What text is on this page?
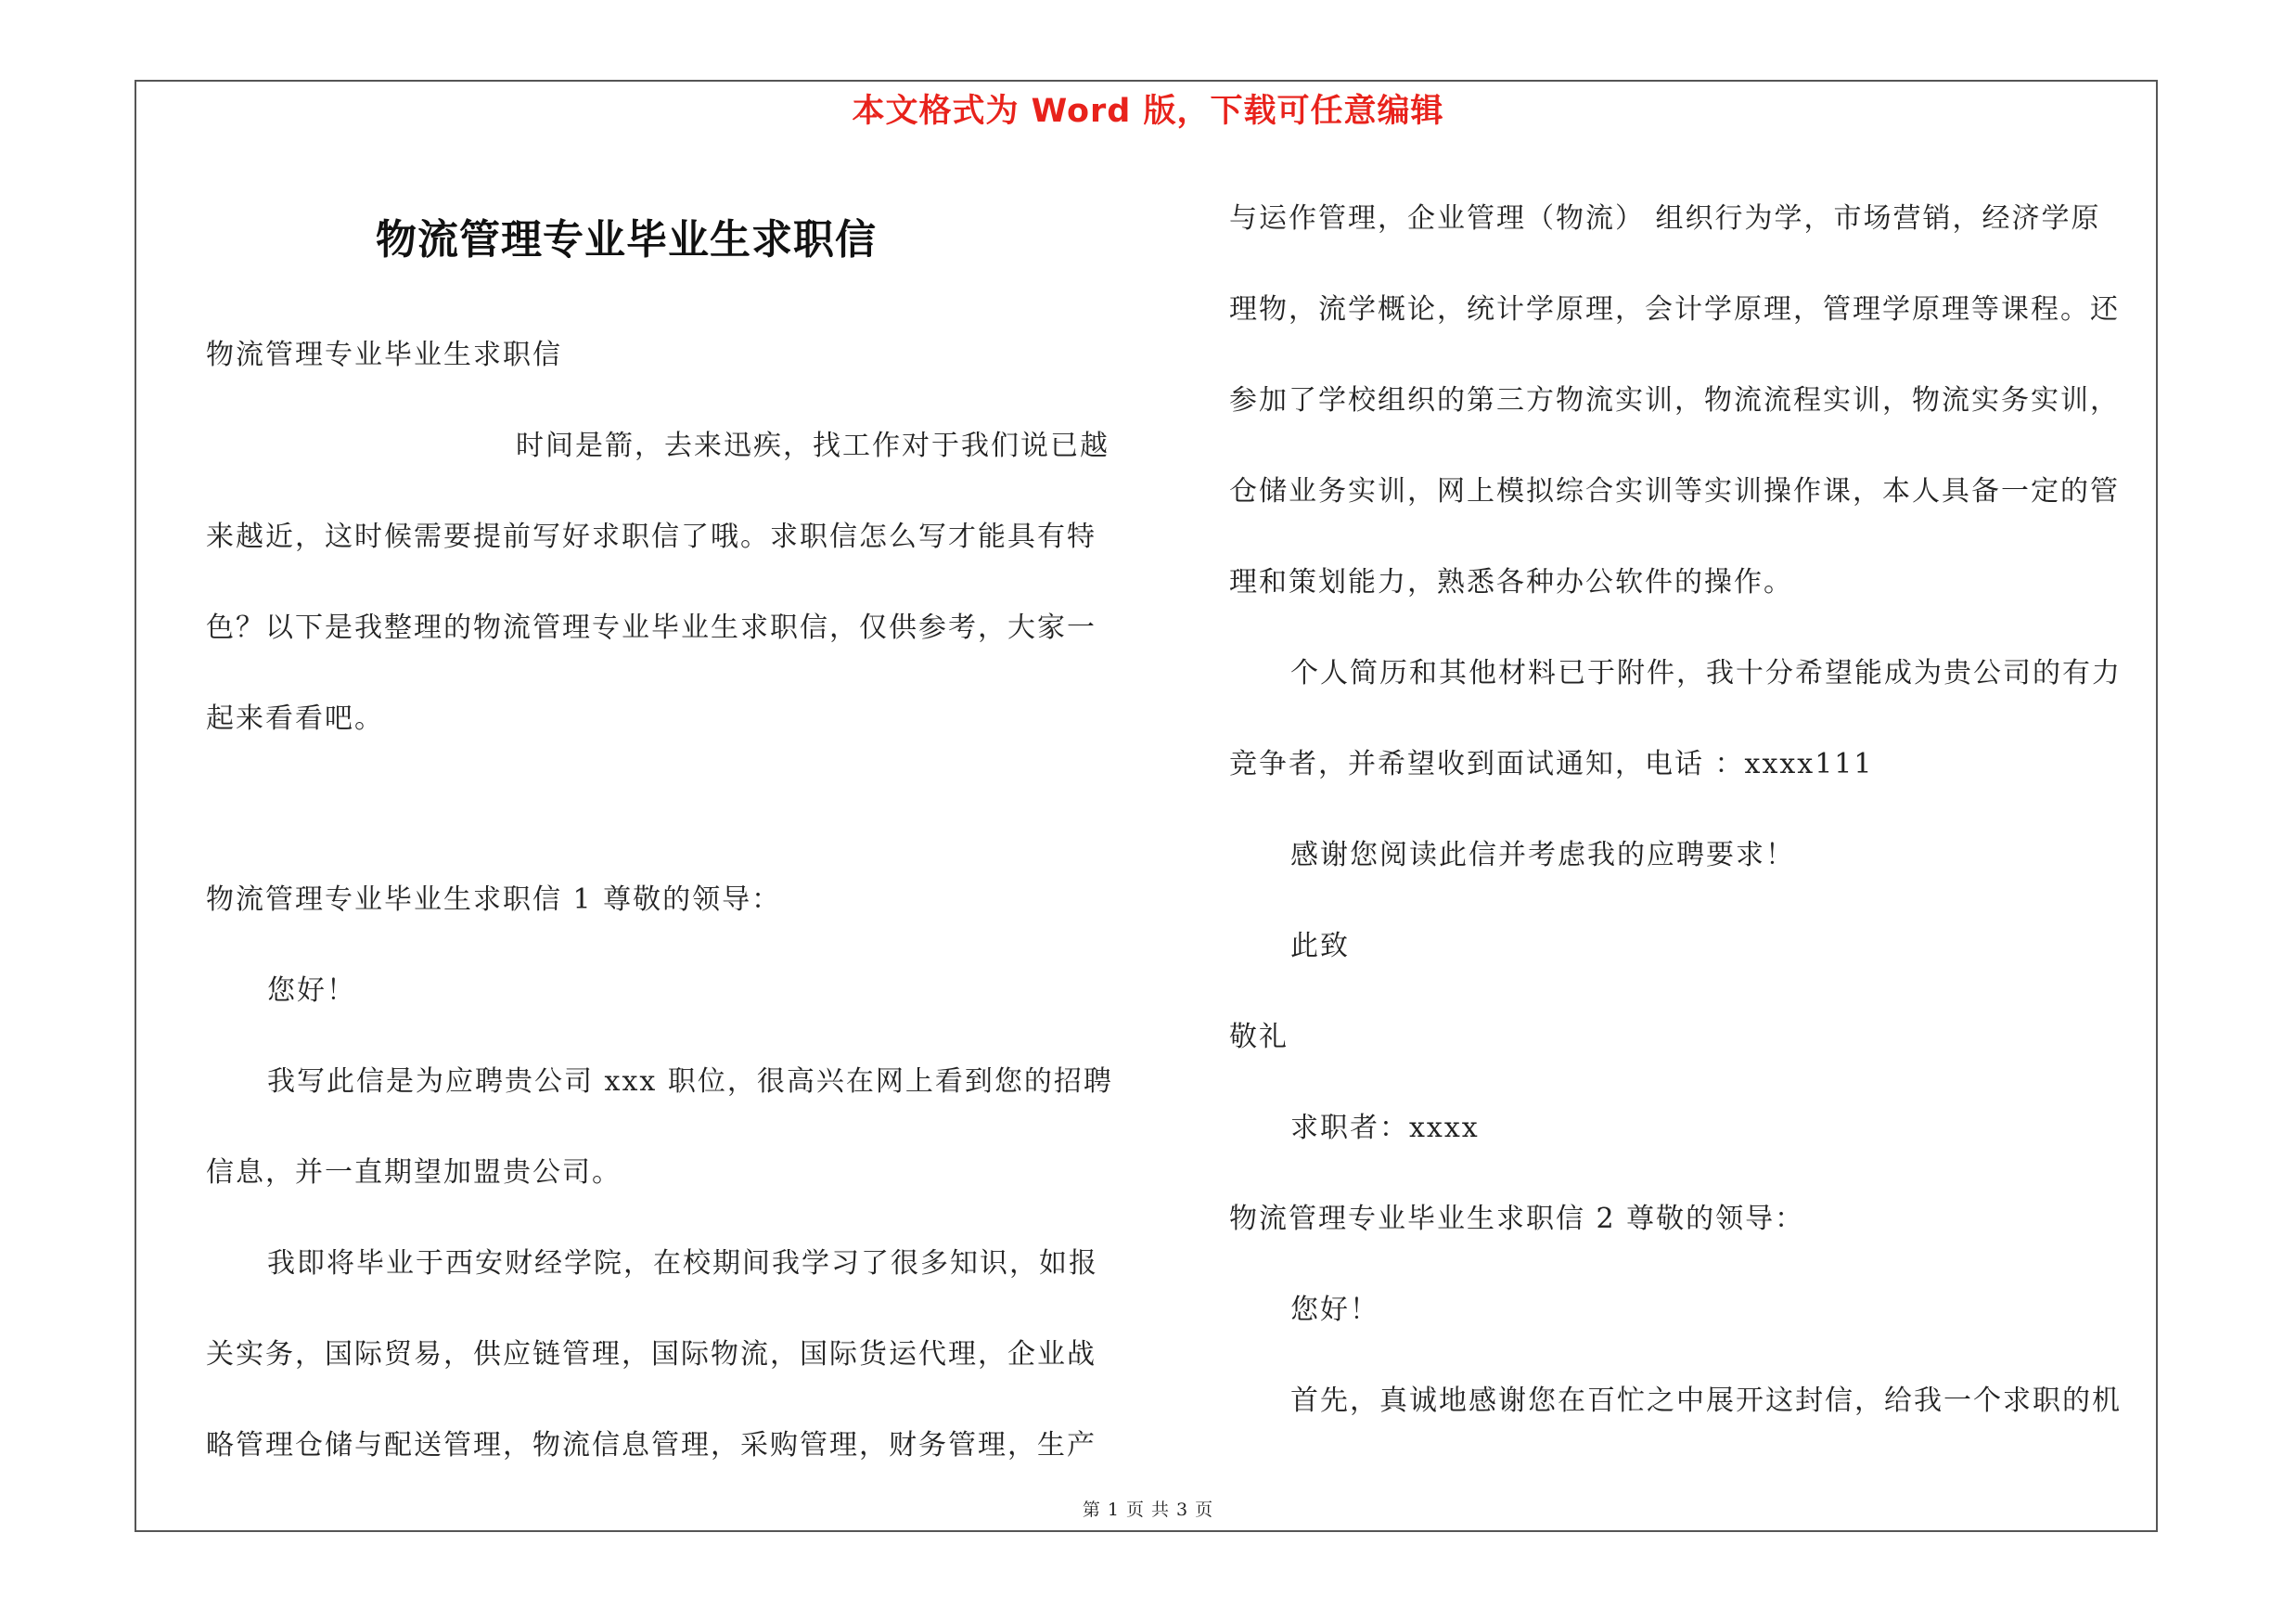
本文格式为 Word 版，下载可任意编辑
物流管理专业毕业生求职信
物流管理专业毕业生求职信
时间是箭，去来迅疾，找工作对于我们说已越
来越近，这时候需要提前写好求职信了哦。求职信怎么写才能具有特
色？以下是我整理的物流管理专业毕业生求职信，仅供参考，大家一
起来看看吧。
物流管理专业毕业生求职信 1 尊敬的领导：
您好！
我写此信是为应聘贵公司 xxx 职位，很高兴在网上看到您的招聘
信息，并一直期望加盟贵公司。
我即将毕业于西安财经学院，在校期间我学习了很多知识，如报
关实务，国际贸易，供应链管理，国际物流，国际货运代理，企业战
略管理仓储与配送管理，物流信息管理，采购管理，财务管理，生产
与运作管理，企业管理（物流） 组织行为学，市场营销，经济学原
理物，流学概论，统计学原理，会计学原理，管理学原理等课程。还
参加了学校组织的第三方物流实训，物流流程实训，物流实务实训，
仓储业务实训，网上模拟综合实训等实训操作课，本人具备一定的管
理和策划能力，熟悉各种办公软件的操作。
个人简历和其他材料已于附件，我十分希望能成为贵公司的有力
竞争者，并希望收到面试通知，电话 ：xxxx111
感谢您阅读此信并考虑我的应聘要求！
此致
敬礼
求职者：xxxx
物流管理专业毕业生求职信 2 尊敬的领导：
您好！
首先，真诚地感谢您在百忙之中展开这封信，给我一个求职的机
第 1 页 共 3 页
